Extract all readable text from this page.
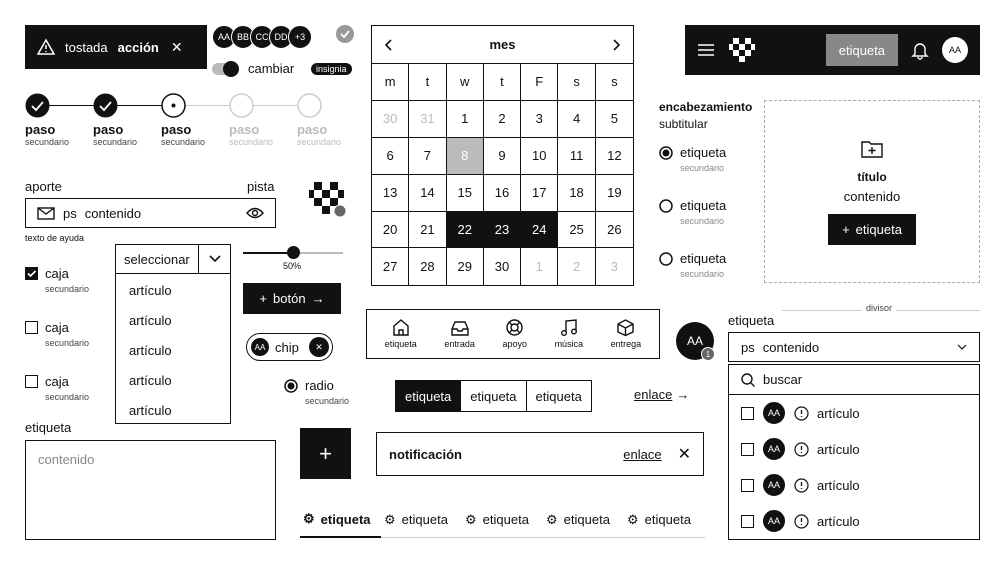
tostada acción ✕
AA BB CC DD +3
cambiar	insignia
paso
secundario
paso
secundario
paso
secundario
paso
secundario
paso
secundario
aporte	pista
ps contenido
texto de ayuda
seleccionar
artículo
artículo
artículo
artículo
artículo
caja
secundario
caja
secundario
caja
secundario
50%
+ botón →
AA chip	✕
radio
secundario
etiqueta
contenido	+
mes
m	t	w	t	F	s	s
30	31	1	2	3	4	5
6	7	8	9	10	11	12
13	14	15	16	17	18	19
20	21	22	23	24	25	26
27	28	29	30	1	2	3
etiqueta	entrada	apoyo	música	entrega	AA
1
etiqueta	etiqueta	etiqueta	enlace →
notificación	enlace ✕
⚙ etiqueta ⚙ etiqueta ⚙ etiqueta ⚙ etiqueta ⚙ etiqueta
etiqueta	AA
encabezamiento
subtitular
etiqueta
secundario
etiqueta
secundario
etiqueta
secundario
título
contenido
+ etiqueta
divisor
etiqueta
ps contenido
buscar
AA	artículo
AA	artículo
AA	artículo
AA	artículo
